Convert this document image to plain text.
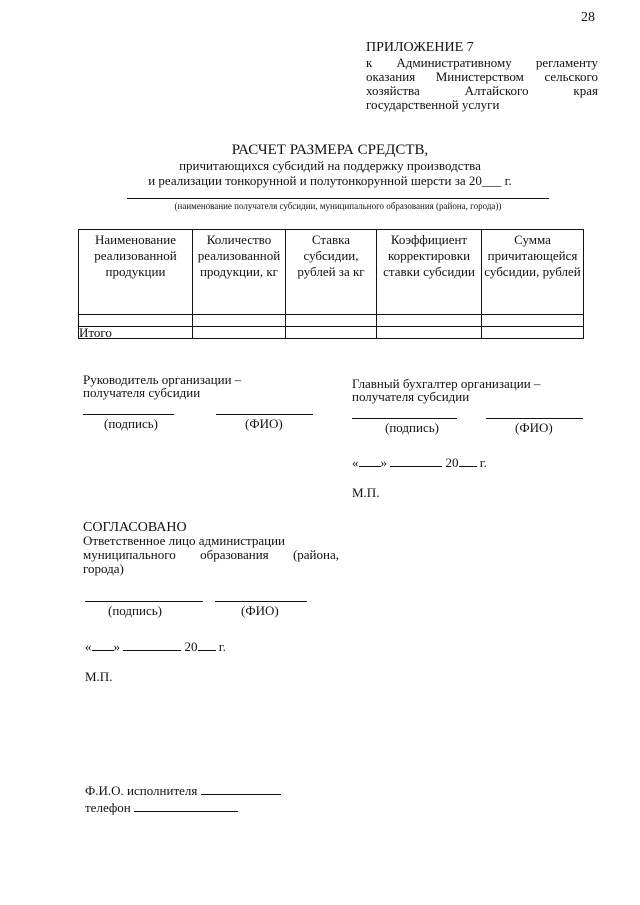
28
ПРИЛОЖЕНИЕ 7
к Административному регламенту
оказания Министерством сельского
хозяйства Алтайского края
государственной услуги
РАСЧЕТ РАЗМЕРА СРЕДСТВ,
причитающихся субсидий на поддержку производства
и реализации тонкорунной и полутонкорунной шерсти за 20___ г.
(наименование получателя субсидии, муниципального образования (района, города))
Наименование реализованной продукции	Количество реализованной продукции, кг	Ставка субсидии, рублей за кг	Коэффициент корректировки ставки субсидии	Сумма причитающейся субсидии, рублей

Итого				
Руководитель организации –
получателя субсидии
(подпись)	(ФИО)
Главный бухгалтер организации –
получателя субсидии
(подпись)	(ФИО)
« »	20 г.
М.П.
СОГЛАСОВАНО
Ответственное лицо администрации
муниципального образования (района,
города)
(подпись)	(ФИО)
« »	20 г.
М.П.
Ф.И.О. исполнителя
телефон
